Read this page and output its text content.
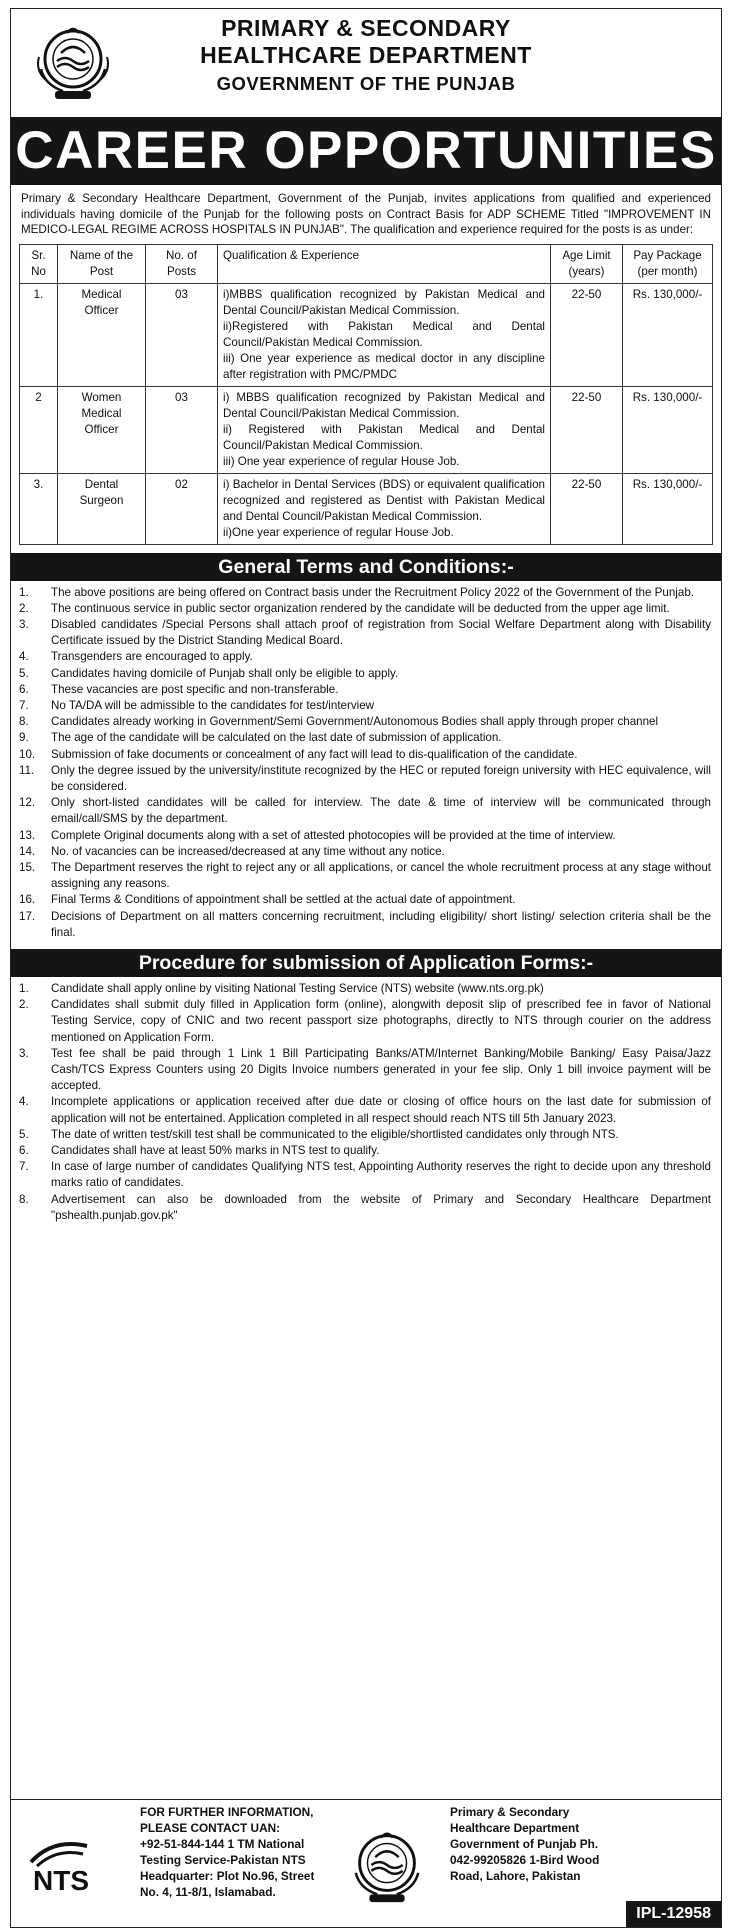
PRIMARY & SECONDARY
HEALTHCARE DEPARTMENT
GOVERNMENT OF THE PUNJAB
CAREER OPPORTUNITIES

Primary & Secondary Healthcare Department, Government of the Punjab, invites applications from qualified and experienced individuals having domicile of the Punjab for the following posts on Contract Basis for ADP SCHEME Titled "IMPROVEMENT IN MEDICO-LEGAL REGIME ACROSS HOSPITALS IN PUNJAB". The qualification and experience required for the posts is as under:

Sr. No	Name of the Post	No. of Posts	Qualification & Experience	Age Limit (years)	Pay Package (per month)
1.	Medical Officer	03	i)MBBS qualification recognized by Pakistan Medical and Dental Council/Pakistan Medical Commission.
ii)Registered with Pakistan Medical and Dental Council/Pakistan Medical Commission.
iii) One year experience as medical doctor in any discipline after registration with PMC/PMDC	22-50	Rs. 130,000/-
2	Women Medical Officer	03	i) MBBS qualification recognized by Pakistan Medical and Dental Council/Pakistan Medical Commission.
ii) Registered with Pakistan Medical and Dental Council/Pakistan Medical Commission.
iii) One year experience of regular House Job.	22-50	Rs. 130,000/-
3.	Dental Surgeon	02	i) Bachelor in Dental Services (BDS) or equivalent qualification recognized and registered as Dentist with Pakistan Medical and Dental Council/Pakistan Medical Commission.
ii)One year experience of regular House Job.	22-50	Rs. 130,000/-
General Terms and Conditions:-
1.	The above positions are being offered on Contract basis under the Recruitment Policy 2022 of the Government of the Punjab.
2.	The continuous service in public sector organization rendered by the candidate will be deducted from the upper age limit.
3.	Disabled candidates /Special Persons shall attach proof of registration from Social Welfare Department along with Disability Certificate issued by the District Standing Medical Board.
4.	Transgenders are encouraged to apply.
5.	Candidates having domicile of Punjab shall only be eligible to apply.
6.	These vacancies are post specific and non-transferable.
7.	No TA/DA will be admissible to the candidates for test/interview
8.	Candidates already working in Government/Semi Government/Autonomous Bodies shall apply through proper channel
9.	The age of the candidate will be calculated on the last date of submission of application.
10.	Submission of fake documents or concealment of any fact will lead to dis-qualification of the candidate.
11.	Only the degree issued by the university/institute recognized by the HEC or reputed foreign university with HEC equivalence, will be considered.
12.	Only short-listed candidates will be called for interview. The date & time of interview will be communicated through email/call/SMS by the department.
13.	Complete Original documents along with a set of attested photocopies will be provided at the time of interview.
14.	No. of vacancies can be increased/decreased at any time without any notice.
15.	The Department reserves the right to reject any or all applications, or cancel the whole recruitment process at any stage without assigning any reasons.
16.	Final Terms & Conditions of appointment shall be settled at the actual date of appointment.
17.	Decisions of Department on all matters concerning recruitment, including eligibility/ short listing/ selection criteria shall be the final.
Procedure for submission of Application Forms:-
1.	Candidate shall apply online by visiting National Testing Service (NTS) website (www.nts.org.pk)
2.	Candidates shall submit duly filled in Application form (online), alongwith deposit slip of prescribed fee in favor of National Testing Service, copy of CNIC and two recent passport size photographs, directly to NTS through courier on the address mentioned on Application Form.
3.	Test fee shall be paid through 1 Link 1 Bill Participating Banks/ATM/Internet Banking/Mobile Banking/ Easy Paisa/Jazz Cash/TCS Express Counters using 20 Digits Invoice numbers generated in your fee slip. Only 1 bill invoice payment will be accepted.
4.	Incomplete applications or application received after due date or closing of office hours on the last date for submission of application will not be entertained. Application completed in all respect should reach NTS till 5th January 2023.
5.	The date of written test/skill test shall be communicated to the eligible/shortlisted candidates only through NTS.
6.	Candidates shall have at least 50% marks in NTS test to qualify.
7.	In case of large number of candidates Qualifying NTS test, Appointing Authority reserves the right to decide upon any threshold marks ratio of candidates.
8.	Advertisement can also be downloaded from the website of Primary and Secondary Healthcare Department "pshealth.punjab.gov.pk"
NTS
FOR FURTHER INFORMATION,
PLEASE CONTACT UAN:
+92-51-844-144 1 TM National
Testing Service-Pakistan NTS
Headquarter: Plot No.96, Street
No. 4, 11-8/1, Islamabad.
Primary & Secondary
Healthcare Department
Government of Punjab Ph.
042-99205826 1-Bird Wood
Road, Lahore, Pakistan
IPL-12958
